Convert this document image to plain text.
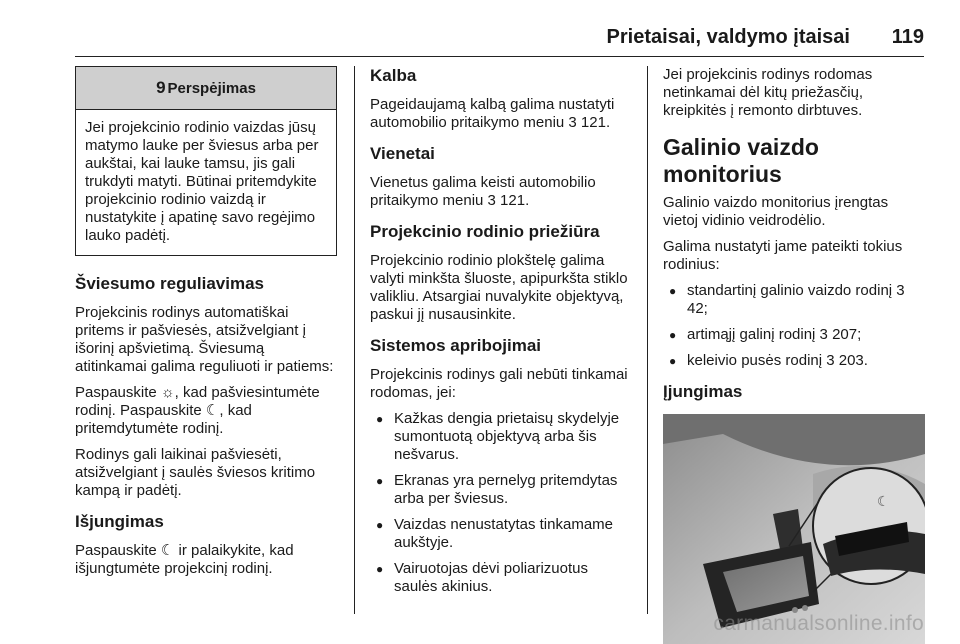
Prietaisai, valdymo įtaisai 119
9 Perspėjimas
Jei projekcinio rodinio vaizdas jūsų matymo lauke per šviesus arba per aukštai, kai lauke tamsu, jis gali trukdyti matyti. Būtinai pritemdykite projekcinio rodinio vaizdą ir nustatykite į apatinę savo regėjimo lauko padėtį.
Šviesumo reguliavimas

Projekcinis rodinys automatiškai pritems ir pašviesės, atsižvelgiant į išorinį apšvietimą. Šviesumą atitinkamai galima reguliuoti ir patiems:

Paspauskite ☼, kad pašviesintumėte rodinį. Paspauskite ☾, kad pritemdytumėte rodinį.

Rodinys gali laikinai pašviesėti, atsižvelgiant į saulės šviesos kritimo kampą ir padėtį.

Išjungimas

Paspauskite ☾ ir palaikykite, kad išjungtumėte projekcinį rodinį.

Kalba

Pageidaujamą kalbą galima nustatyti automobilio pritaikymo meniu 3 121.

Vienetai

Vienetus galima keisti automobilio pritaikymo meniu 3 121.

Projekcinio rodinio priežiūra

Projekcinio rodinio plokštelę galima valyti minkšta šluoste, apipurkšta stiklo valikliu. Atsargiai nuvalykite objektyvą, paskui jį nusausinkite.

Sistemos apribojimai

Projekcinis rodinys gali nebūti tinkamai rodomas, jei:

● Kažkas dengia prietaisų skydelyje sumontuotą objektyvą arba šis nešvarus.
● Ekranas yra pernelyg pritemdytas arba per šviesus.
● Vaizdas nenustatytas tinkamame aukštyje.
● Vairuotojas dėvi poliarizuotus saulės akinius.

Jei projekcinis rodinys rodomas netinkamai dėl kitų priežasčių, kreipkitės į remonto dirbtuves.

Galinio vaizdo monitorius

Galinio vaizdo monitorius įrengtas vietoj vidinio veidrodėlio.

Galima nustatyti jame pateikti tokius rodinius:

● standartinį galinio vaizdo rodinį 3 42;
● artimąjį galinį rodinį 3 207;
● keleivio pusės rodinį 3 203.
Įjungimas
☾
carmanualsonline.info
